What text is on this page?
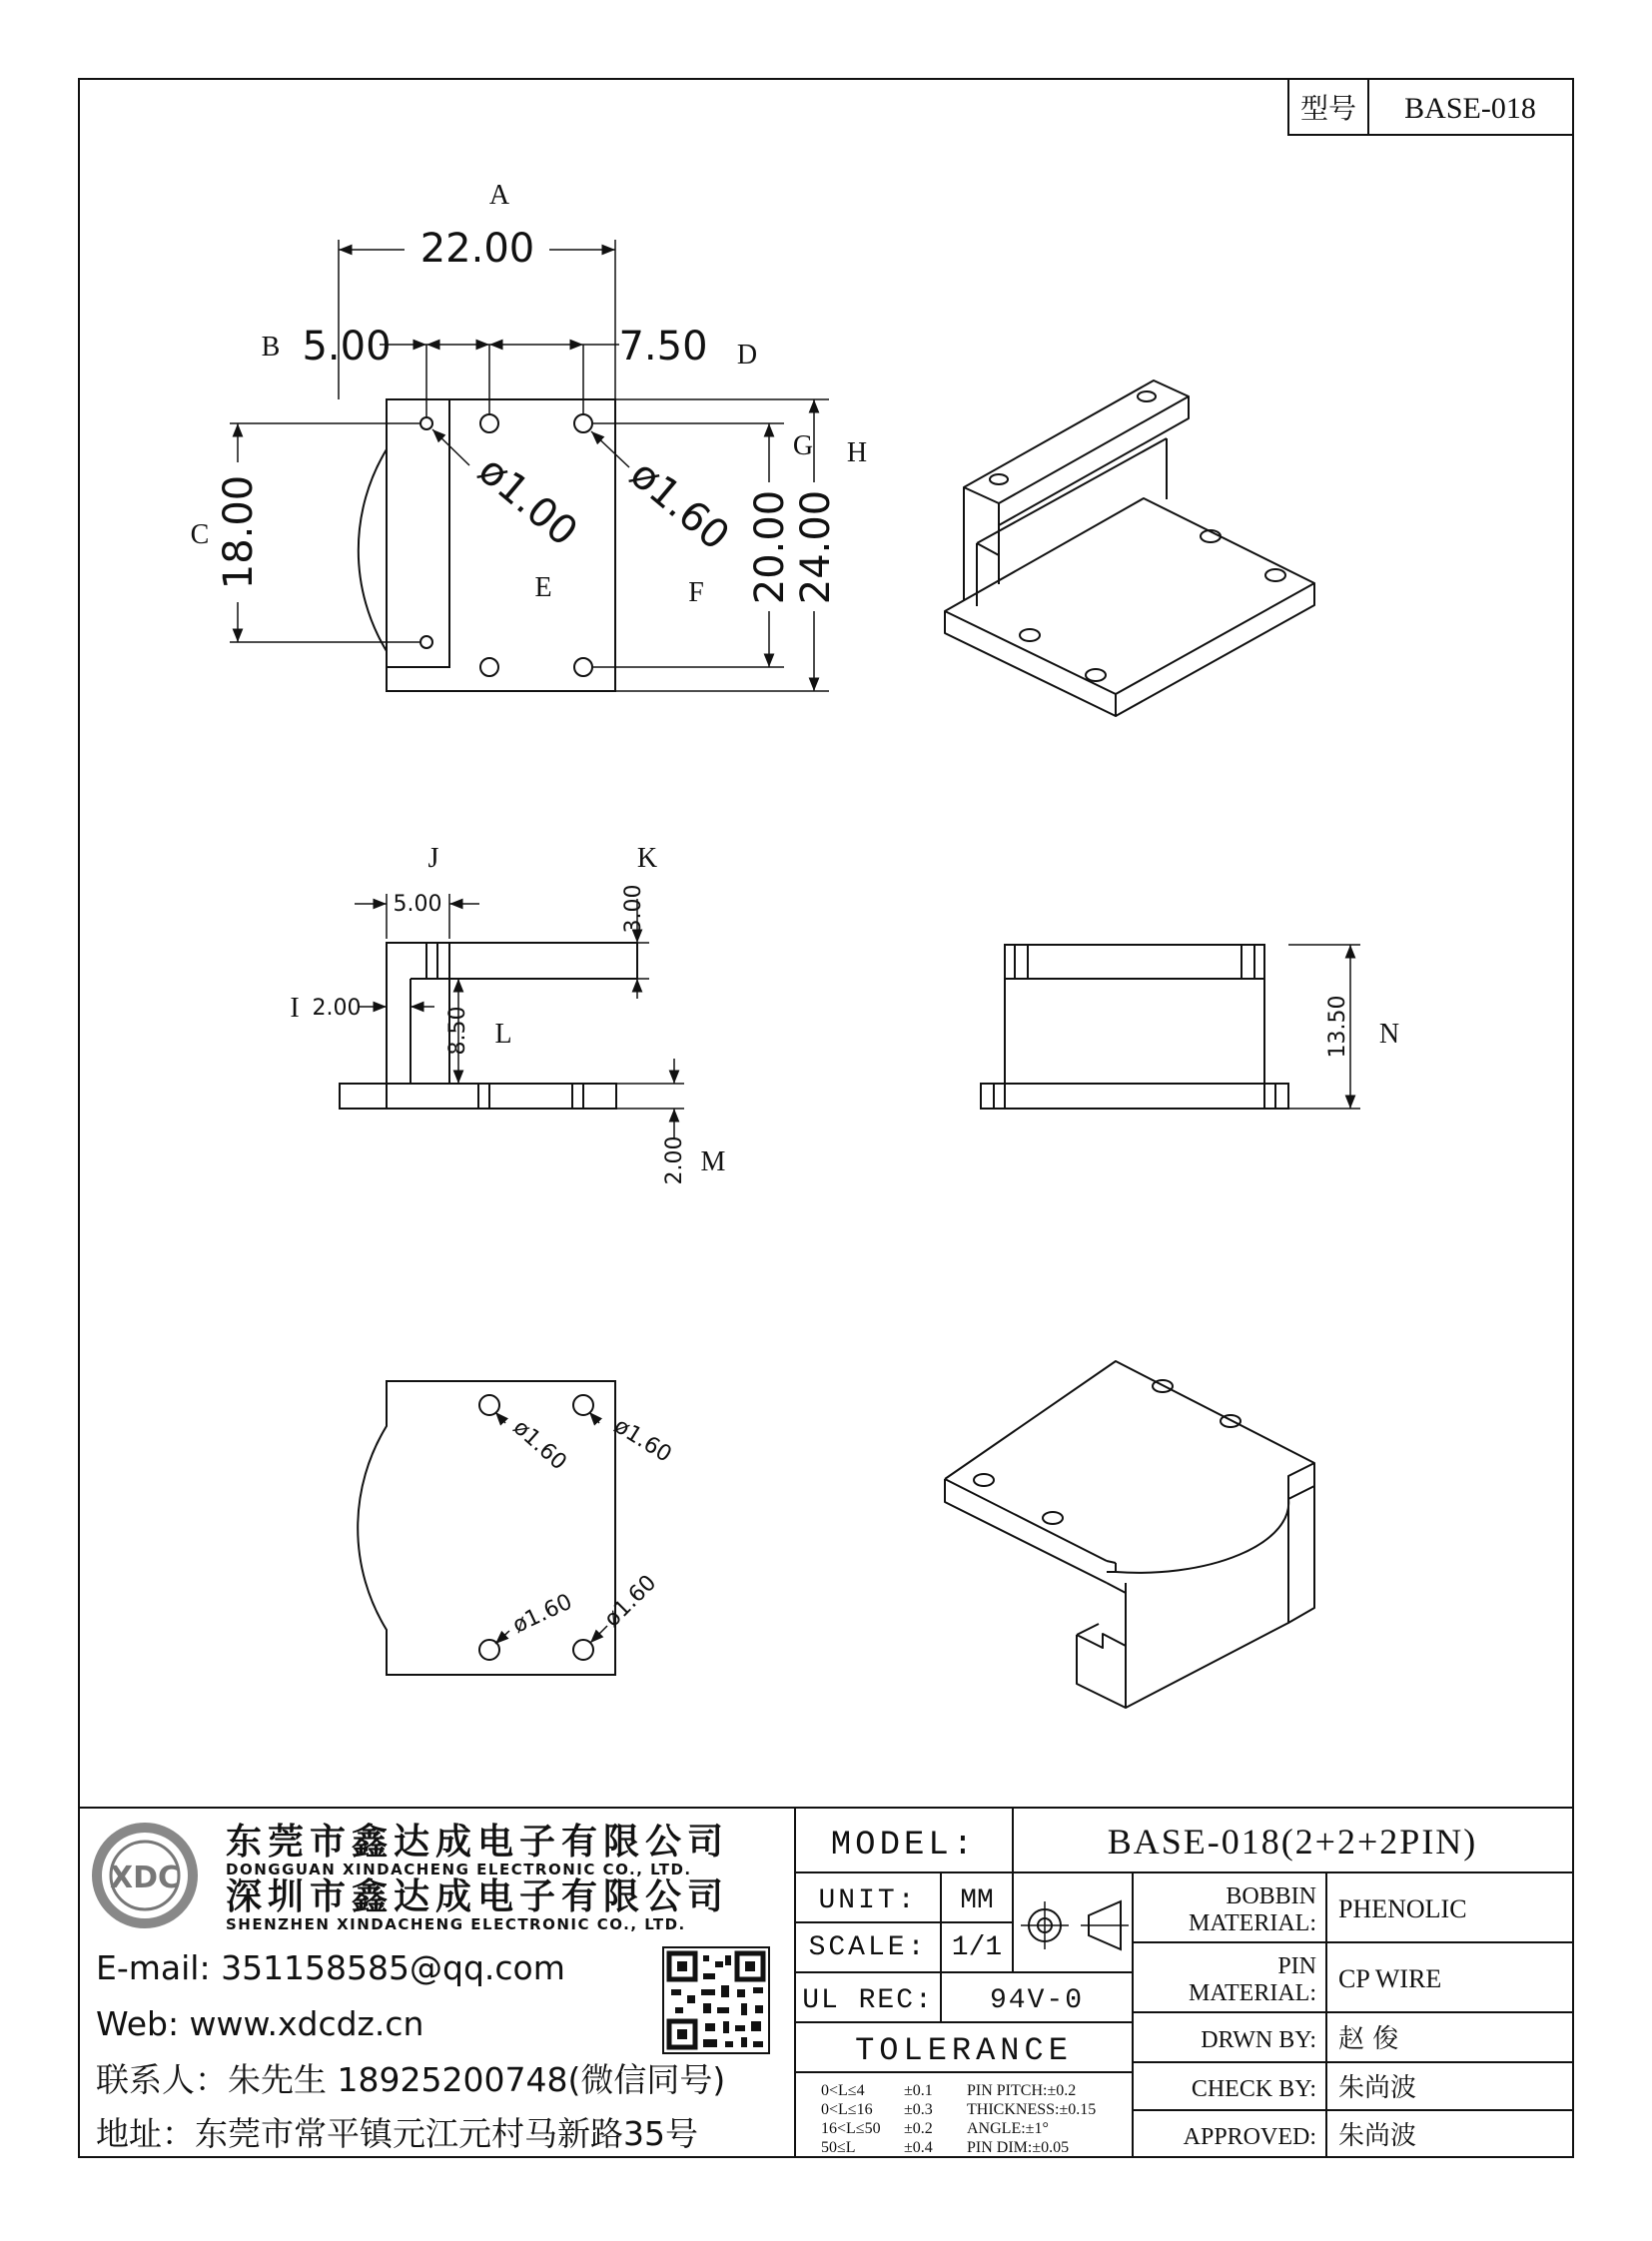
型号 BASE-018
A
22.00
B 5.00	7.50 D
C 18.00	E	F
G H
20.00 24.00
ø1.00 ø1.60
J	K
5.00	3.00
I 2.00	8.50 L
2.00 M
13.50 N
ø1.60 ø1.60
ø1.60 ø1.60
XDC
东莞市鑫达成电子有限公司
DONGGUAN XINDACHENG ELECTRONIC CO., LTD.
深圳市鑫达成电子有限公司
SHENZHEN XINDACHENG ELECTRONIC CO., LTD.
E-mail: 351158585@qq.com
Web: www.xdcdz.cn
联系人：朱先生 18925200748(微信同号)
地址：东莞市常平镇元江元村马新路35号
MODEL:	BASE-018(2+2+2PIN)
UNIT: MM
SCALE: 1/1
UL REC: 94V-0
TOLERANCE
0<L≤4 ±0.1 PIN PITCH:±0.2
0<L≤16 ±0.3 THICKNESS:±0.15
16<L≤50 ±0.2 ANGLE:±1°
50≤L	±0.4 PIN DIM:±0.05
BOBBIN
MATERIAL: PHENOLIC
PIN
MATERIAL: CP WIRE
DRWN BY: 赵 俊
CHECK BY: 朱尚波
APPROVED: 朱尚波
